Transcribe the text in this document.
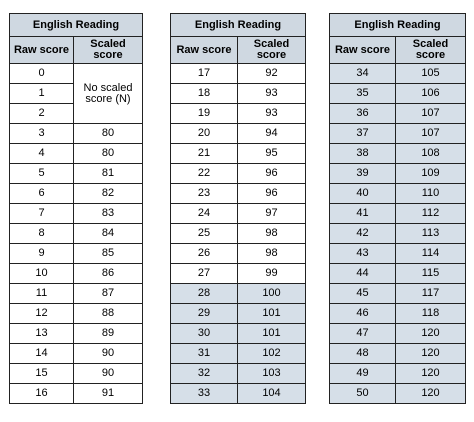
English Reading	
Raw score	Scaled
score
0	No scaled
score (N)
1	
2	
3	80
4	80
5	81
6	82
7	83
8	84
9	85
10	86
11	87
12	88
13	89
14	90
15	90
16	91
English Reading	
Raw score	Scaled
score
17	92
18	93
19	93
20	94
21	95
22	96
23	96
24	97
25	98
26	98
27	99
28	100
29	101
30	101
31	102
32	103
33	104
English Reading	
Raw score	Scaled
score
34	105
35	106
36	107
37	107
38	108
39	109
40	110
41	112
42	113
43	114
44	115
45	117
46	118
47	120
48	120
49	120
50	120
